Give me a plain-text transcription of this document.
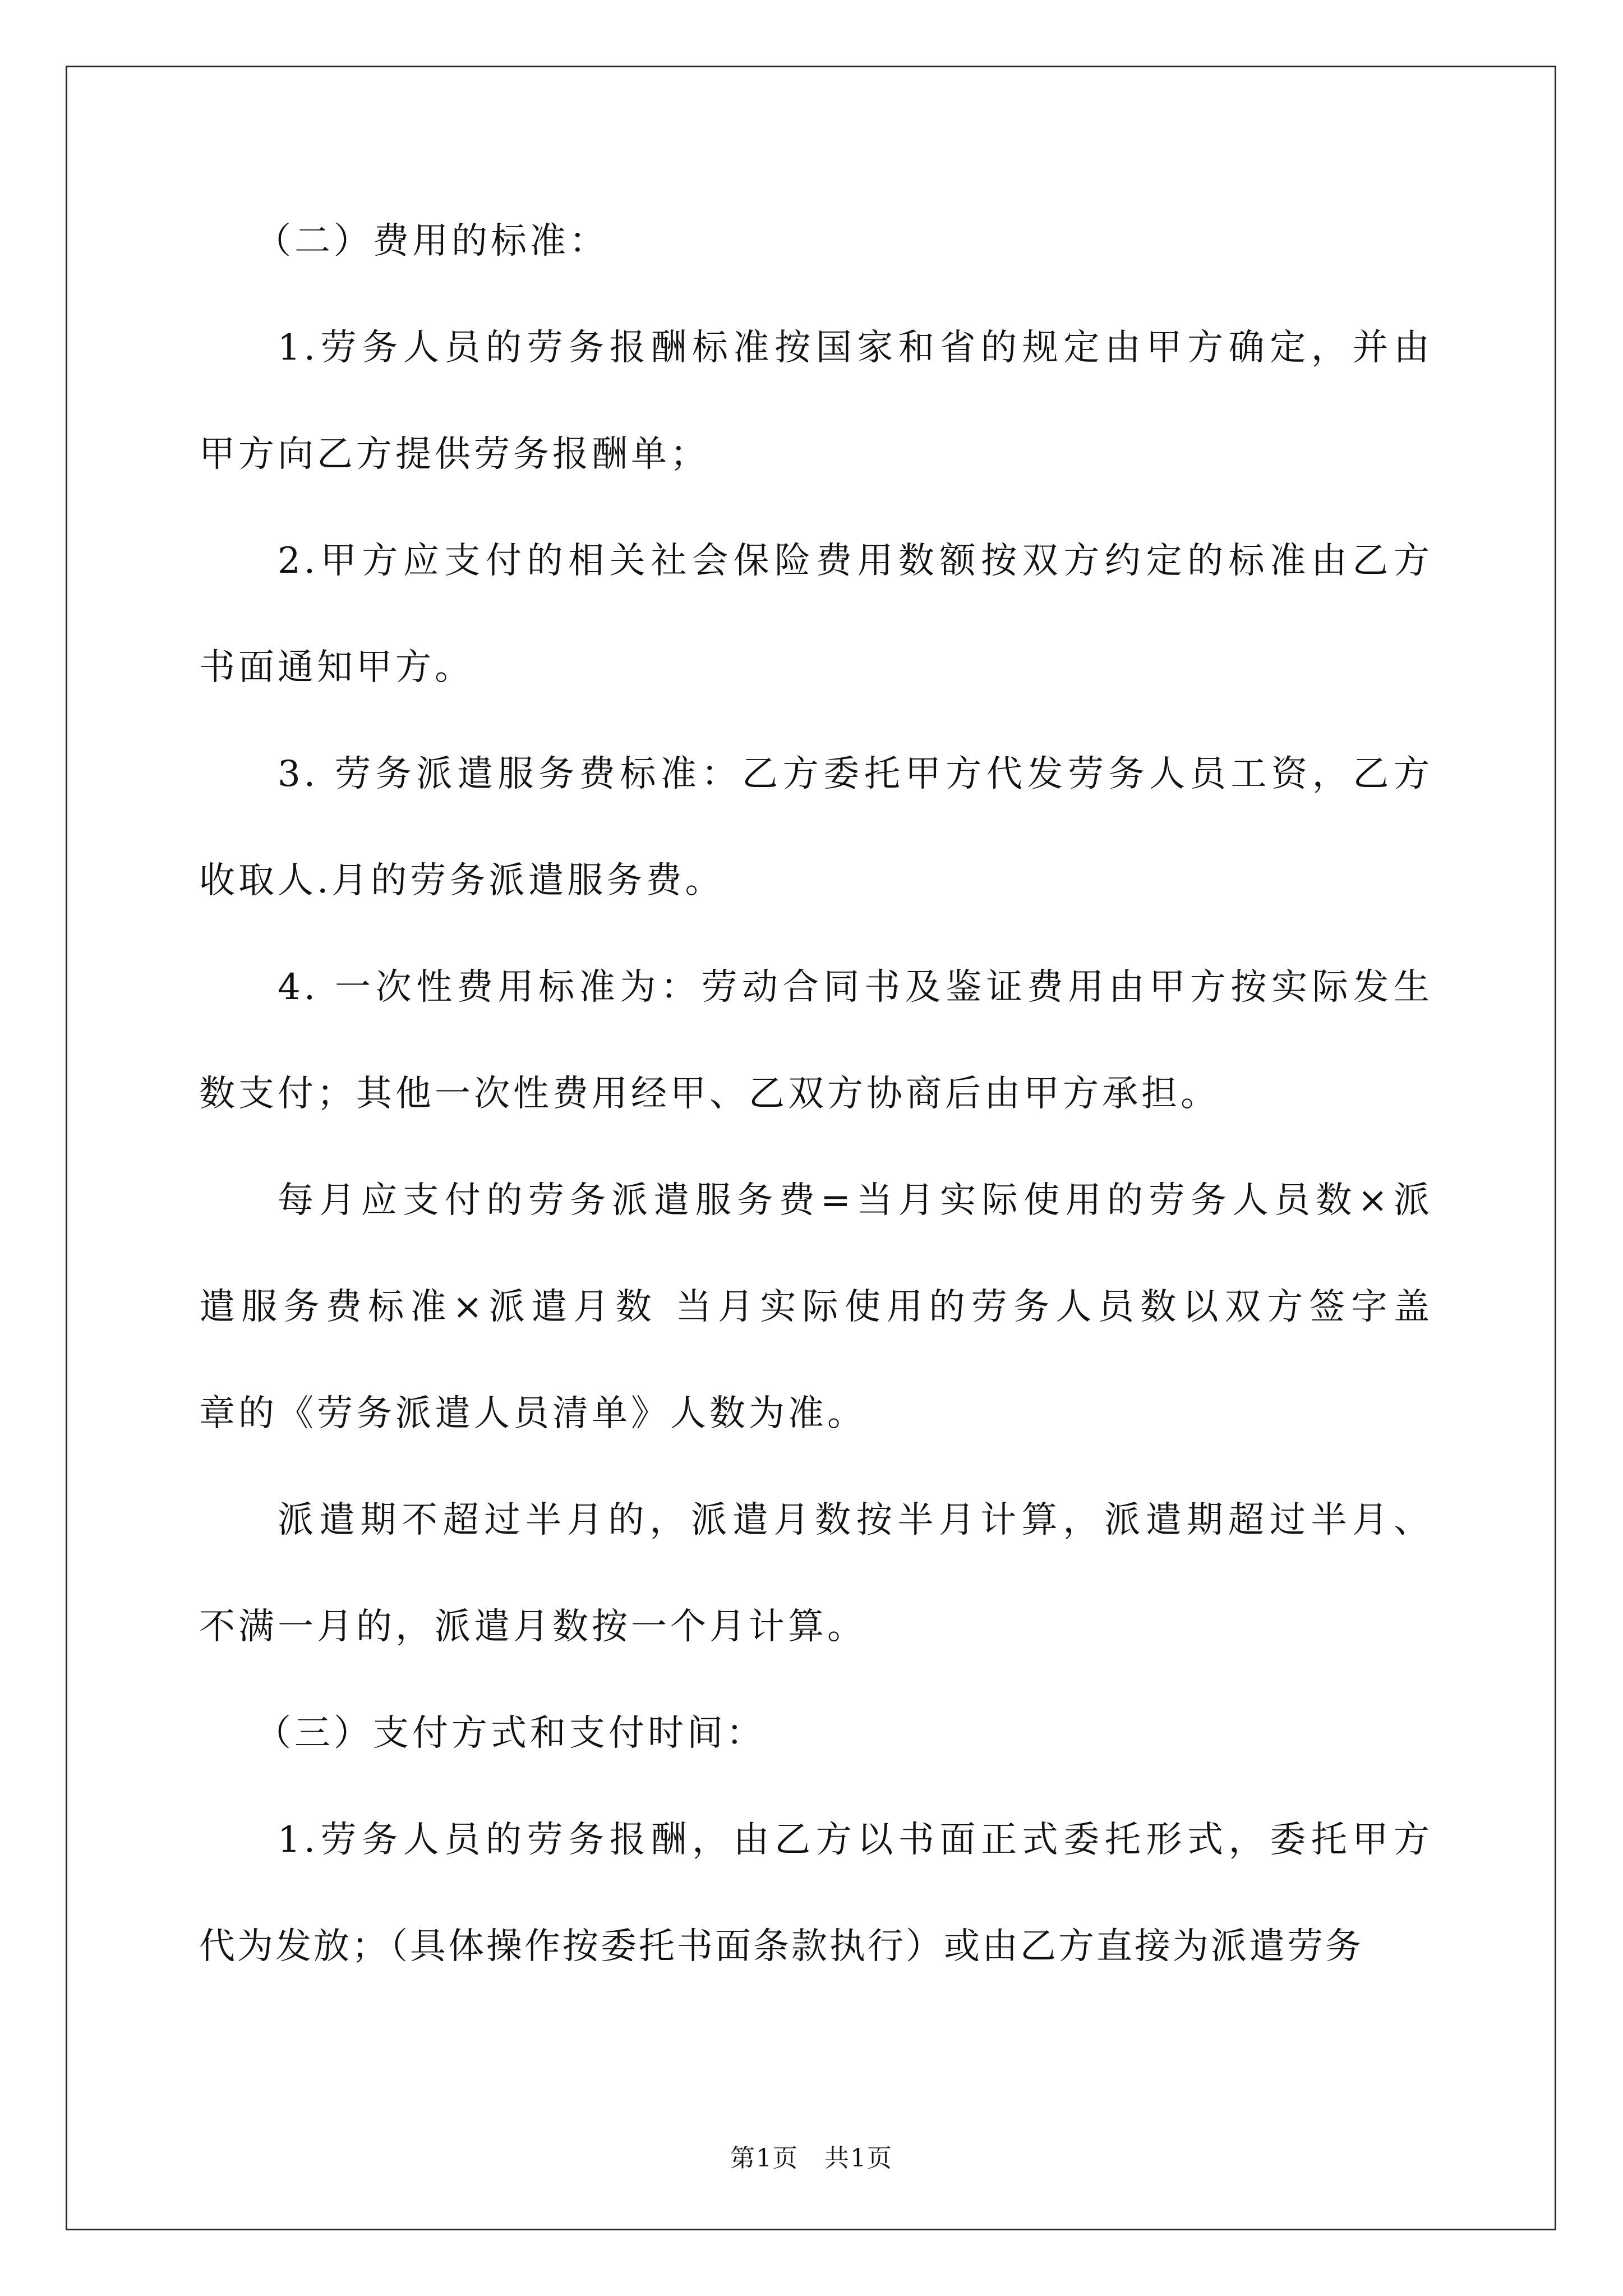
（二）费用的标准：
1.劳务人员的劳务报酬标准按国家和省的规定由甲方确定，并由
甲方向乙方提供劳务报酬单；
2.甲方应支付的相关社会保险费用数额按双方约定的标准由乙方
书面通知甲方。
3. 劳务派遣服务费标准：乙方委托甲方代发劳务人员工资，乙方
收取人.月的劳务派遣服务费。
4. 一次性费用标准为：劳动合同书及鉴证费用由甲方按实际发生
数支付；其他一次性费用经甲、乙双方协商后由甲方承担。
每月应支付的劳务派遣服务费=当月实际使用的劳务人员数×派
遣服务费标准×派遣月数 当月实际使用的劳务人员数以双方签字盖
章的《劳务派遣人员清单》人数为准。
派遣期不超过半月的，派遣月数按半月计算，派遣期超过半月、
不满一月的，派遣月数按一个月计算。
（三）支付方式和支付时间：
1.劳务人员的劳务报酬，由乙方以书面正式委托形式，委托甲方
代为发放；（具体操作按委托书面条款执行）或由乙方直接为派遣劳务
第1页　共1页
